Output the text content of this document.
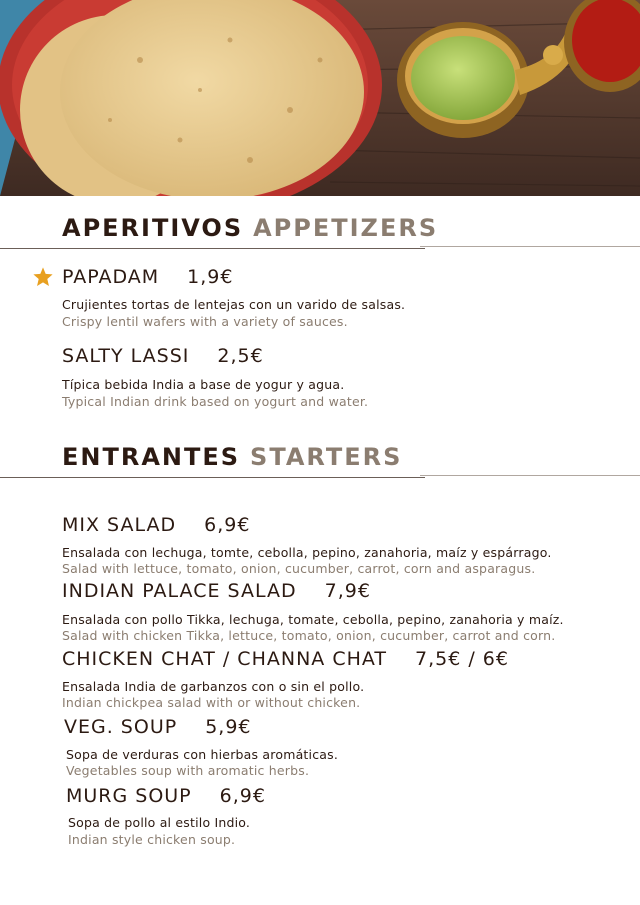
APERITIVOS APPETIZERS
PAPADAM 1,9€
Crujientes tortas de lentejas con un varido de salsas.
Crispy lentil wafers with a variety of sauces.
SALTY LASSI 2,5€
Típica bebida India a base de yogur y agua.
Typical Indian drink based on yogurt and water.
ENTRANTES STARTERS
MIX SALAD 6,9€
Ensalada con lechuga, tomte, cebolla, pepino, zanahoria, maíz y espárrago.
Salad with lettuce, tomato, onion, cucumber, carrot, corn and asparagus.
INDIAN PALACE SALAD 7,9€
Ensalada con pollo Tikka, lechuga, tomate, cebolla, pepino, zanahoria y maíz.
Salad with chicken Tikka, lettuce, tomato, onion, cucumber, carrot and corn.
CHICKEN CHAT / CHANNA CHAT 7,5€ / 6€
Ensalada India de garbanzos con o sin el pollo.
Indian chickpea salad with or without chicken.
VEG. SOUP 5,9€
Sopa de verduras con hierbas aromáticas.
Vegetables soup with aromatic herbs.
MURG SOUP 6,9€
Sopa de pollo al estilo Indio.
Indian style chicken soup.
